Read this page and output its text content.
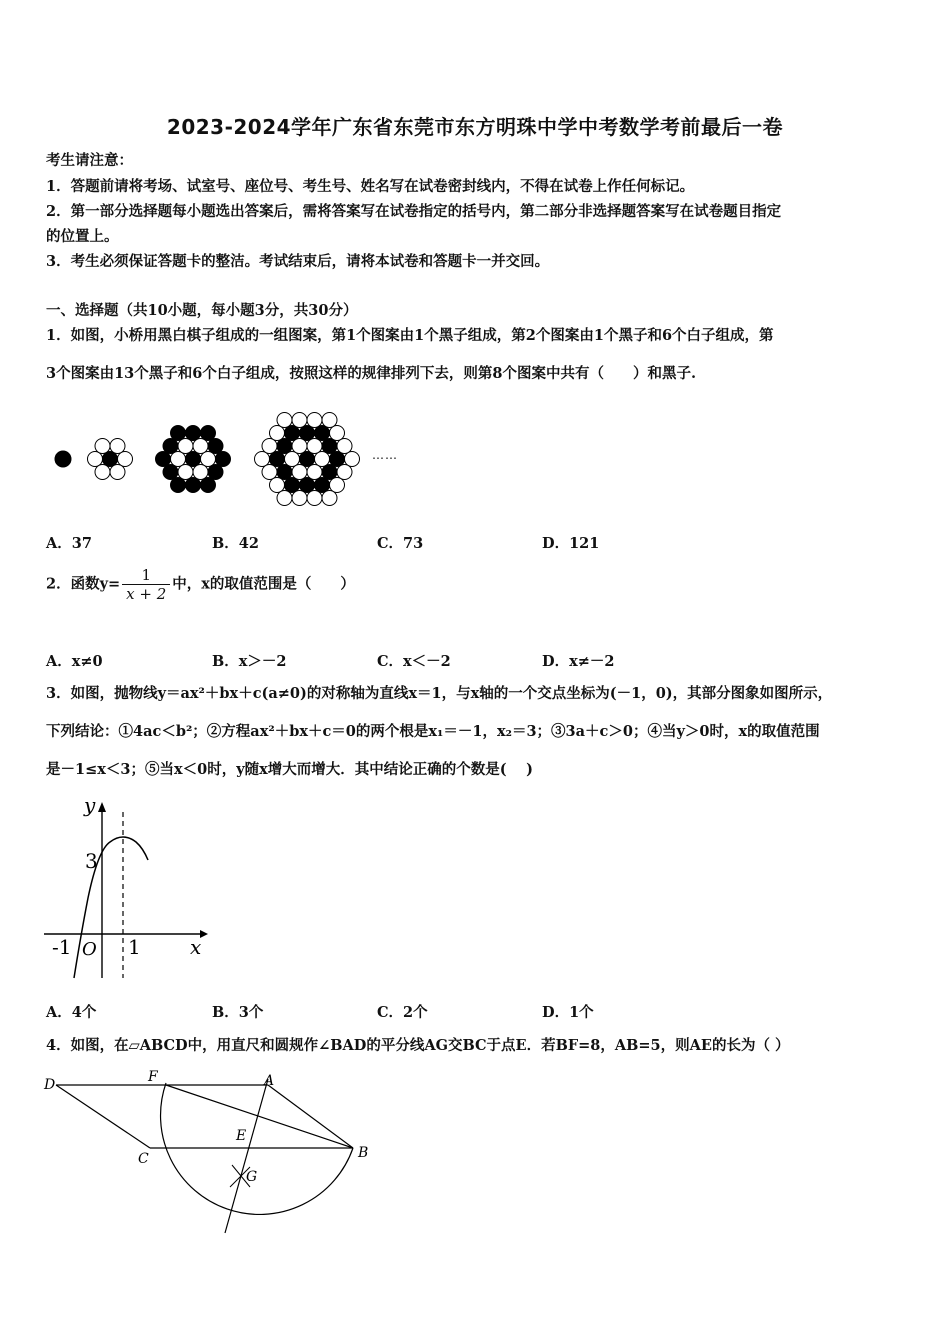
2023-2024学年广东省东莞市东方明珠中学中考数学考前最后一卷
考生请注意：
1．答题前请将考场、试室号、座位号、考生号、姓名写在试卷密封线内，不得在试卷上作任何标记。
2．第一部分选择题每小题选出答案后，需将答案写在试卷指定的括号内，第二部分非选择题答案写在试卷题目指定
的位置上。
3．考生必须保证答题卡的整洁。考试结束后，请将本试卷和答题卡一并交回。
一、选择题（共10小题，每小题3分，共30分）
1．如图，小桥用黑白棋子组成的一组图案，第1个图案由1个黑子组成，第2个图案由1个黑子和6个白子组成，第
3个图案由13个黑子和6个白子组成，按照这样的规律排列下去，则第8个图案中共有（　　）和黑子.
……
A．37	B．42	C．73	D．121
2．函数$y= \frac{1}{x + 2}$ 中，x的取值范围是（　　）
A．x≠0	B．x＞－2	C．x＜－2	D．x≠－2
3．如图，抛物线y＝ax²＋bx＋c(a≠0)的对称轴为直线x＝1，与x轴的一个交点坐标为(－1，0)，其部分图象如图所示，
下列结论：①4ac＜b²；②方程ax²＋bx＋c＝0的两个根是x₁＝－1，x₂＝3；③3a＋c＞0；④当y＞0时，x的取值范围
是－1≤x＜3；⑤当x＜0时，y随x增大而增大．其中结论正确的个数是(　 )
y
x
3
-1 O 1
A．4个	B．3个	C．2个	D．1个
4．如图，在▱ABCD中，用直尺和圆规作∠BAD的平分线AG交BC于点E．若BF=8，AB=5，则AE的长为（ ）
D	F	A
E
C	B
G
